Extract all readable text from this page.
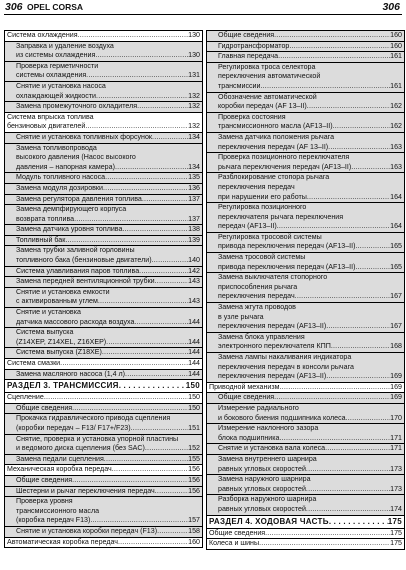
306 OPEL CORSA	306
Система охлаждения .....	130
Заправка и удаление воздуха
из системы охлаждения .....	130
Проверка герметичности
системы охлаждения .....	131
Снятие и установка насоса
охлаждающей жидкости .....	132
Замена промежуточного охладителя .....	132
Система впрыска топлива
бензиновых двигателей .....	132
Снятие и установка топливных форсунок .....	134
Замена топливопровода
высокого давления (Насос высокого
давления – напорная камера) .....	134
Модуль топливного насоса .....	135
Замена модуля дозировки .....	136
Замена регулятора давления топлива .....	137
Замена демпфирующего корпуса
возврата топлива .....	137
Замена датчика уровня топлива .....	138
Топливный бак .....	139
Замена трубки заливной горловины
топливного бака (бензиновые двигатели) .....	140
Система улавливания паров топлива .....	142
Замена передней вентиляционной трубки .....	143
Снятие и установка емкости
с активированным углем .....	143
Снятие и установка
датчика массового расхода воздуха .....	144
Система выпуска
(Z14XEP, Z14XEL, Z16XEP) .....	144
Система выпуска (Z18XE) .....	144
Система смазки .....	144
Замена масляного насоса (1,4 л) .....	144
РАЗДЕЛ 3. ТРАНСМИССИЯ . . .	150
Сцепление .....	150
Общие сведения .....	150
Прокачка гидравлического привода сцепления
(коробки передач – F13/ F17+/F23) .....	151
Снятие, проверка и установка упорной пластины
и ведомого диска сцепления (без SAC) .....	152
Замена педали сцепления .....	155
Механическая коробка передач .....	156
Общие сведения .....	156
Шестерни и рычаг переключения передач .....	156
Проверка уровня
трансмиссионного масла
(коробка передач F13) .....	157
Снятие и установка коробки передач (F13) .....	158
Автоматическая коробка передач .....	160
Общие сведения .....	160
Гидротрансформатор .....	160
Главная передача .....	161
Регулировка троса селектора
переключения автоматической
трансмиссии .....	161
Обозначение автоматической
коробки передач (AF 13–II) .....	162
Проверка состояния
трансмиссионного масла (AF13–II) .....	162
Замена датчика положения рычага
переключения передач (AF 13–II) .....	163
Проверка позиционного переключателя
рычага переключения передач (AF13–II) .....	163
Разблокирование стопора рычага
переключения передач
при нарушении его работы .....	164
Регулировка позиционного
переключателя рычага переключения
передач (AF13–II) .....	164
Регулировка тросовой системы
привода переключения передач (AF13–II) .....	165
Замена тросовой системы
привода переключения передач (AF13–II) .....	165
Замена выключателя стопорного
приспособления рычага
переключения передач .....	167
Замена жгута проводов
в узле рычага
переключения передач (AF13–II) .....	167
Замена блока управления
электронного переключателя КПП .....	168
Замена лампы накаливания индикатора
переключения передач в консоли рычага
переключения передач (AF13–II) .....	169
Приводной механизм .....	169
Общие сведения .....	169
Измерение радиального
и бокового биения подшипника колеса .....	170
Измерение наклонного зазора
блока подшипника .....	171
Снятие и установка вала колеса .....	171
Замена внутреннего шарнира
равных угловых скоростей .....	173
Замена наружного шарнира
равных угловых скоростей .....	173
Разборка наружного шарнира
равных угловых скоростей .....	174
РАЗДЕЛ 4. ХОДОВАЯ ЧАСТЬ . . .	175
Общие сведения .....	175
Колеса и шины .....	175
